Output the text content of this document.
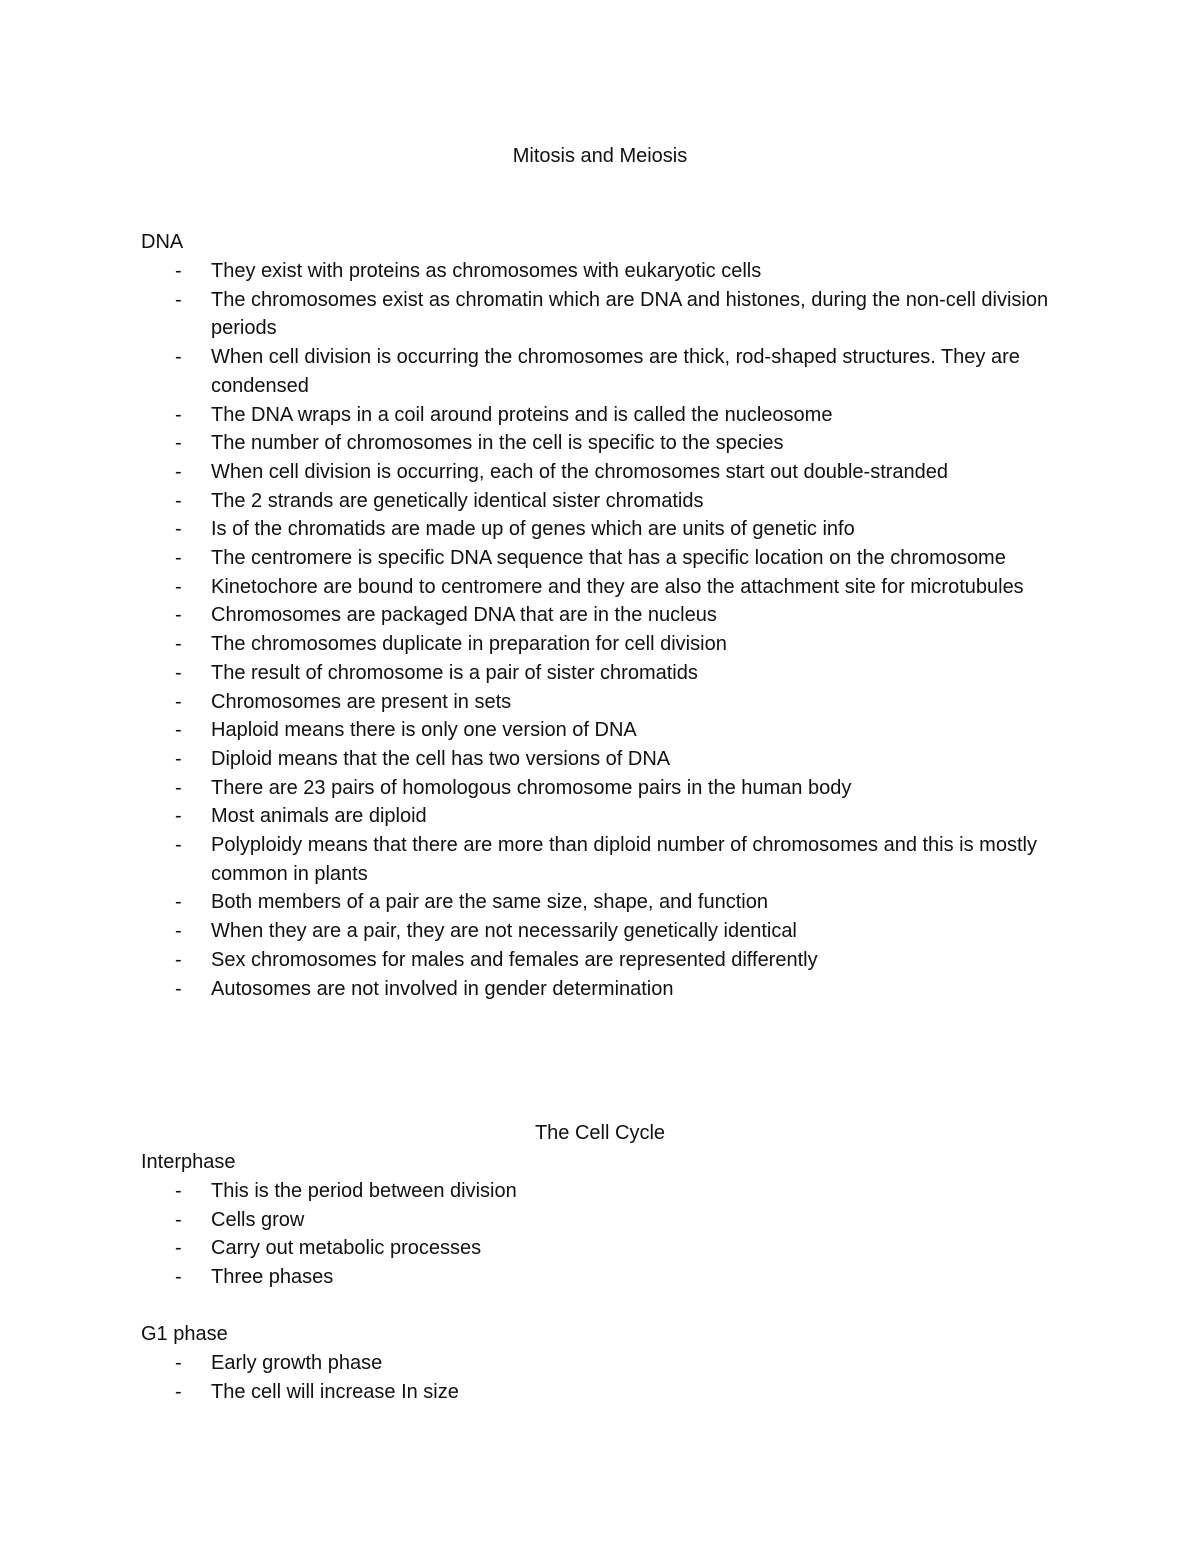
Mitosis and Meiosis
DNA
- They exist with proteins as chromosomes with eukaryotic cells
- The chromosomes exist as chromatin which are DNA and histones, during the non-cell division periods
- When cell division is occurring the chromosomes are thick, rod-shaped structures. They are condensed
- The DNA wraps in a coil around proteins and is called the nucleosome
- The number of chromosomes in the cell is specific to the species
- When cell division is occurring, each of the chromosomes start out double-stranded
- The 2 strands are genetically identical sister chromatids
- Is of the chromatids are made up of genes which are units of genetic info
- The centromere is specific DNA sequence that has a specific location on the chromosome
- Kinetochore are bound to centromere and they are also the attachment site for microtubules
- Chromosomes are packaged DNA that are in the nucleus
- The chromosomes duplicate in preparation for cell division
- The result of chromosome is a pair of sister chromatids
- Chromosomes are present in sets
- Haploid means there is only one version of DNA
- Diploid means that the cell has two versions of DNA
- There are 23 pairs of homologous chromosome pairs in the human body
- Most animals are diploid
- Polyploidy means that there are more than diploid number of chromosomes and this is mostly common in plants
- Both members of a pair are the same size, shape, and function
- When they are a pair, they are not necessarily genetically identical
- Sex chromosomes for males and females are represented differently
- Autosomes are not involved in gender determination
The Cell Cycle
Interphase
- This is the period between division
- Cells grow
- Carry out metabolic processes
- Three phases
G1 phase
- Early growth phase
- The cell will increase In size
